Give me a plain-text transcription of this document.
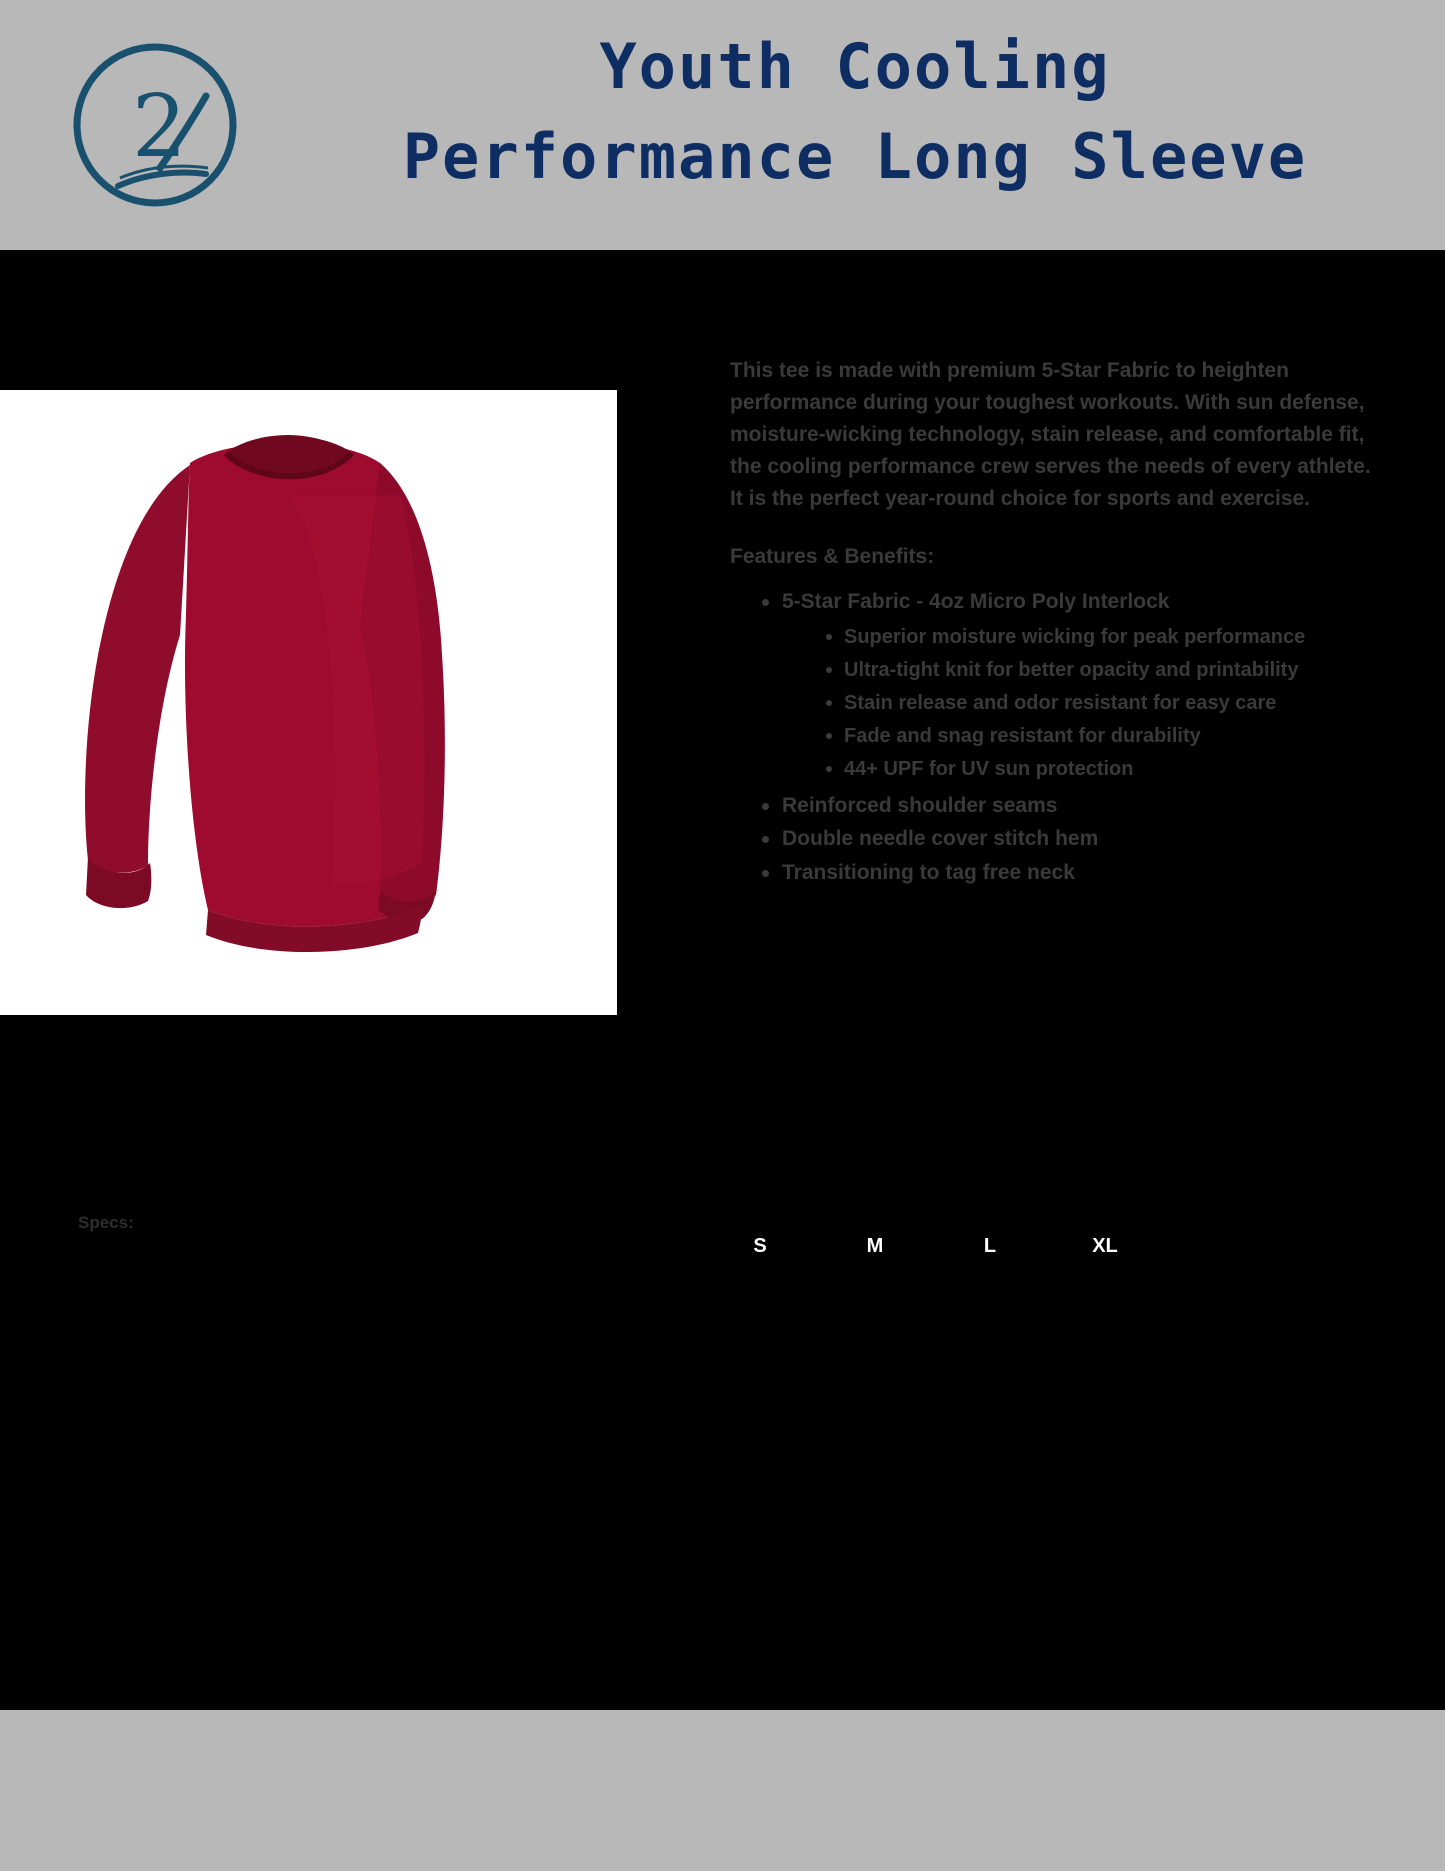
2
Youth Cooling
Performance Long Sleeve

This tee is made with premium 5-Star Fabric to heighten performance during your toughest workouts. With sun defense, moisture-wicking technology, stain release, and comfortable fit, the cooling performance crew serves the needs of every athlete. It is the perfect year-round choice for sports and exercise.

Features & Benefits:

5-Star Fabric - 4oz Micro Poly Interlock
Superior moisture wicking for peak performance
Ultra-tight knit for better opacity and printability
Stain release and odor resistant for easy care
Fade and snag resistant for durability
44+ UPF for UV sun protection
Reinforced shoulder seams
Double needle cover stitch hem
Transitioning to tag free neck
Specs:
S	M	L	XL
